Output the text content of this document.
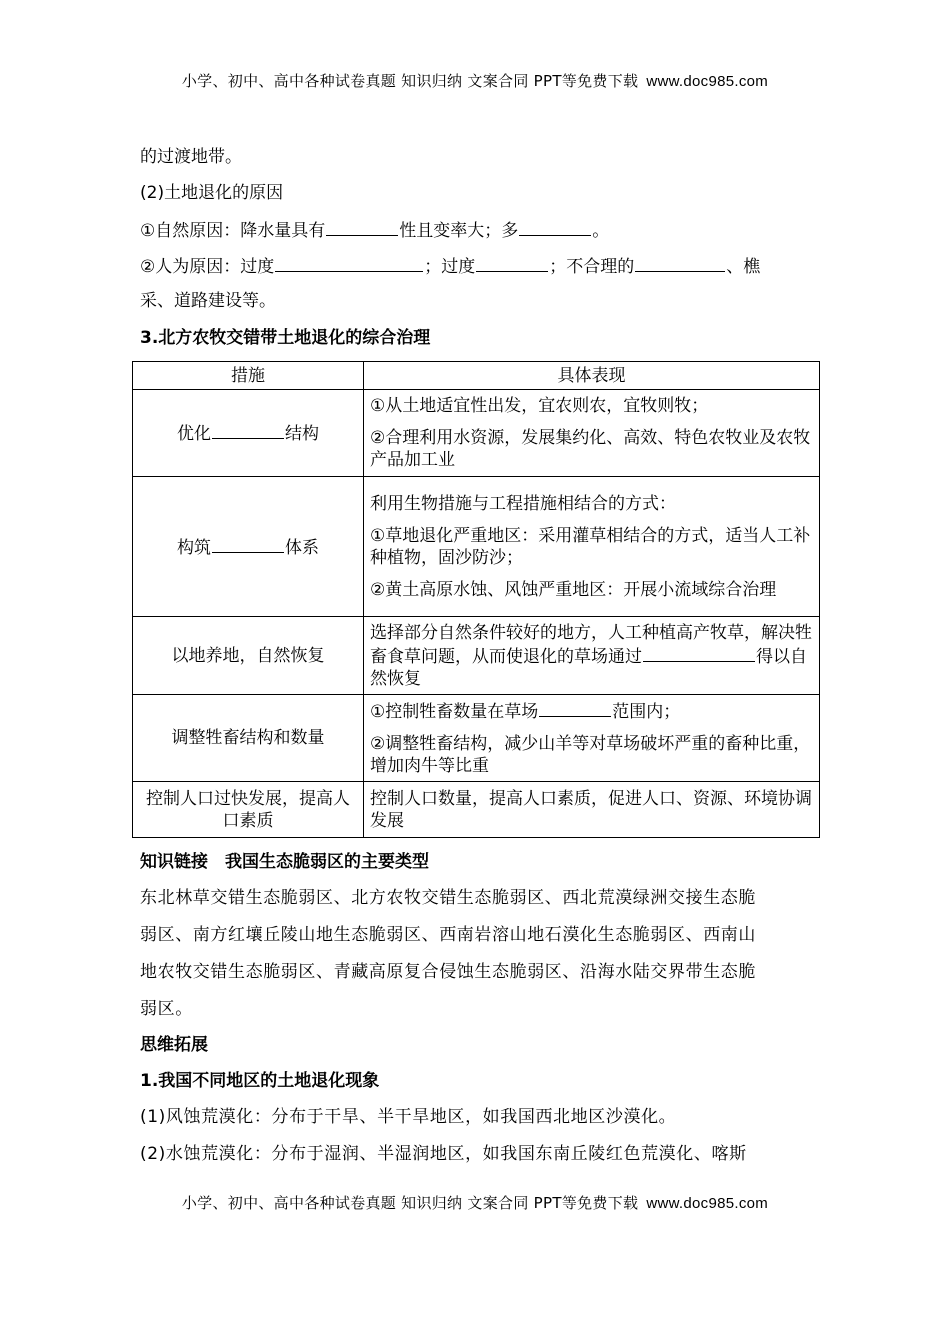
小学、初中、高中各种试卷真题 知识归纳 文案合同 PPT等免费下载 www.doc985.com
的过渡地带。
(2)土地退化的原因
①自然原因：降水量具有	性且变率大；多	。
②人为原因：过度	；过度	；不合理的	、樵
采、道路建设等。
3.北方农牧交错带土地退化的综合治理
措施	具体表现
优化 结构	①从土地适宜性出发，宜农则农，宜牧则牧；

②合理利用水资源，发展集约化、高效、特色农牧业及农牧产品加工业

构筑 体系	利用生物措施与工程措施相结合的方式：

①草地退化严重地区：采用灌草相结合的方式，适当人工补种植物，固沙防沙；

②黄土高原水蚀、风蚀严重地区：开展小流域综合治理

以地养地，自然恢复	选择部分自然条件较好的地方，人工种植高产牧草，解决牲畜食草问题，从而使退化的草场通过 得以自然恢复
调整牲畜结构和数量	①控制牲畜数量在草场 范围内；

②调整牲畜结构，减少山羊等对草场破坏严重的畜种比重，增加肉牛等比重

控制人口过快发展，提高人口素质	控制人口数量，提高人口素质，促进人口、资源、环境协调发展
知识链接　我国生态脆弱区的主要类型
东北林草交错生态脆弱区、北方农牧交错生态脆弱区、西北荒漠绿洲交接生态脆
弱区、南方红壤丘陵山地生态脆弱区、西南岩溶山地石漠化生态脆弱区、西南山
地农牧交错生态脆弱区、青藏高原复合侵蚀生态脆弱区、沿海水陆交界带生态脆
弱区。
思维拓展
1.我国不同地区的土地退化现象
(1)风蚀荒漠化：分布于干旱、半干旱地区，如我国西北地区沙漠化。
(2)水蚀荒漠化：分布于湿润、半湿润地区，如我国东南丘陵红色荒漠化、喀斯
小学、初中、高中各种试卷真题 知识归纳 文案合同 PPT等免费下载 www.doc985.com
